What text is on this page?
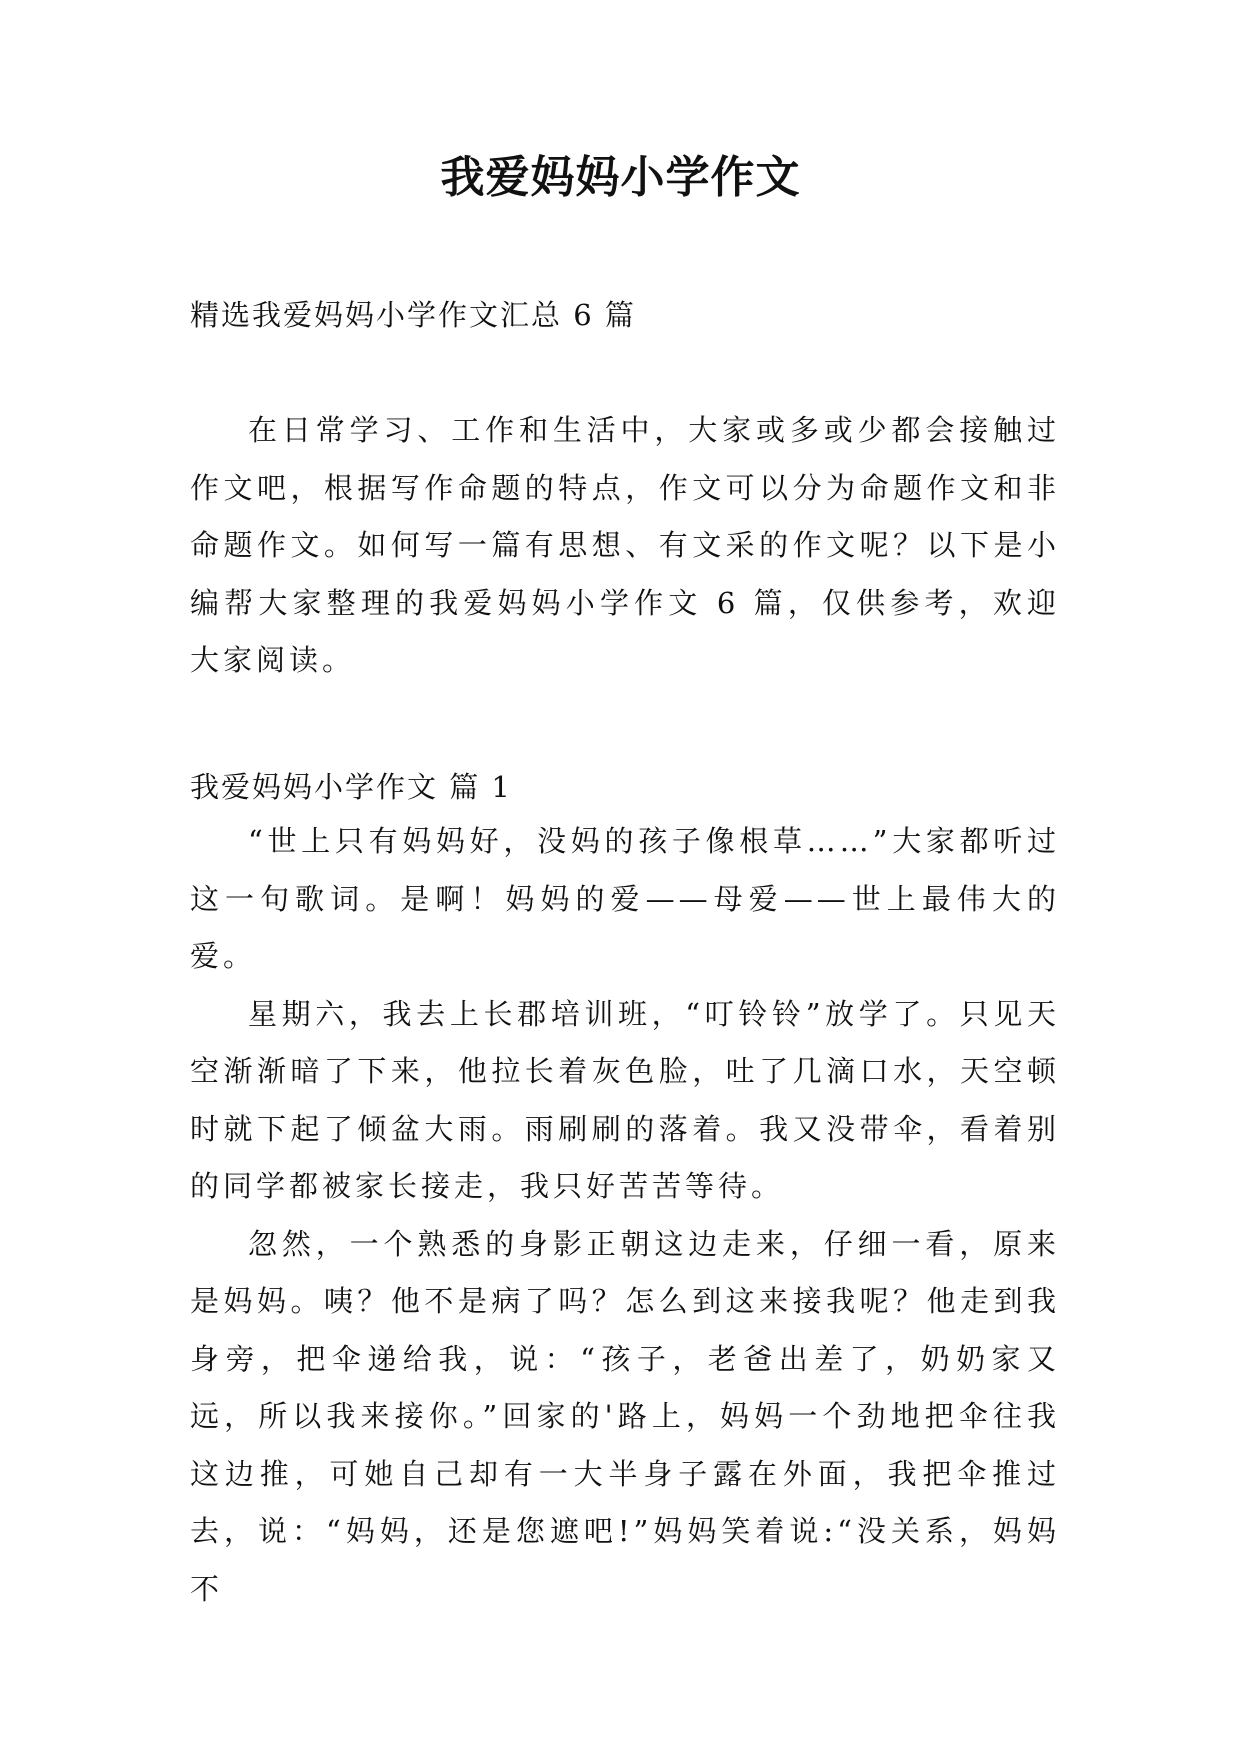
我爱妈妈小学作文

精选我爱妈妈小学作文汇总 6 篇

在日常学习、工作和生活中，大家或多或少都会接触过作文吧，根据写作命题的特点，作文可以分为命题作文和非命题作文。如何写一篇有思想、有文采的作文呢？以下是小编帮大家整理的我爱妈妈小学作文 6 篇，仅供参考，欢迎大家阅读。

我爱妈妈小学作文 篇 1

“世上只有妈妈好，没妈的孩子像根草……”大家都听过这一句歌词。是啊！妈妈的爱——母爱——世上最伟大的爱。

星期六，我去上长郡培训班，“叮铃铃”放学了。只见天空渐渐暗了下来，他拉长着灰色脸，吐了几滴口水，天空顿时就下起了倾盆大雨。雨刷刷的落着。我又没带伞，看着别的同学都被家长接走，我只好苦苦等待。

忽然，一个熟悉的身影正朝这边走来，仔细一看，原来是妈妈。咦？他不是病了吗？怎么到这来接我呢？他走到我身旁，把伞递给我，说：“孩子，老爸出差了，奶奶家又远，所以我来接你。”回家的'路上，妈妈一个劲地把伞往我这边推，可她自己却有一大半身子露在外面，我把伞推过去，说：“妈妈，还是您遮吧!”妈妈笑着说:“没关系，妈妈不
